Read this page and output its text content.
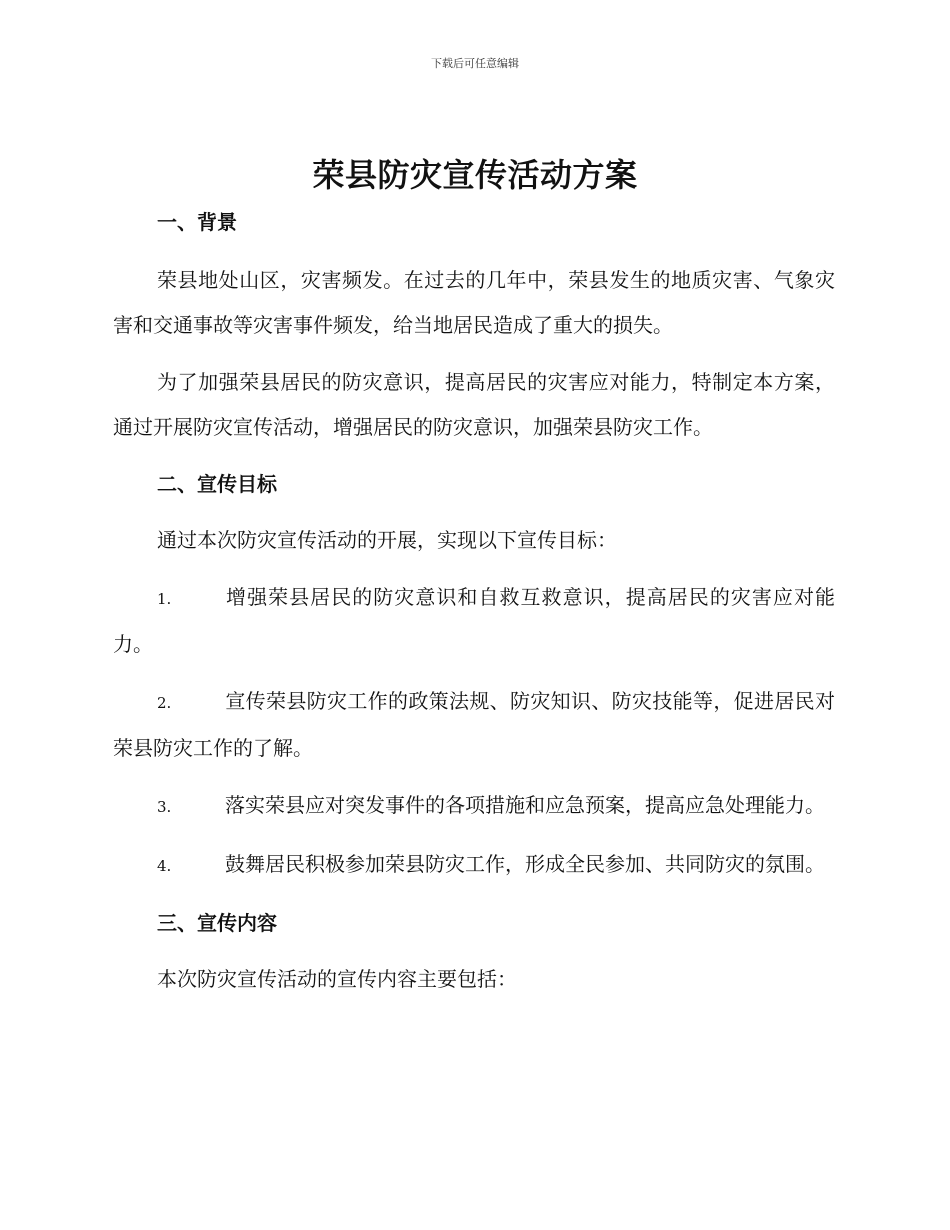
下载后可任意编辑
荣县防灾宣传活动方案

一、背景

荣县地处山区，灾害频发。在过去的几年中，荣县发生的地质灾害、气象灾害和交通事故等灾害事件频发，给当地居民造成了重大的损失。

为了加强荣县居民的防灾意识，提高居民的灾害应对能力，特制定本方案，通过开展防灾宣传活动，增强居民的防灾意识，加强荣县防灾工作。

二、宣传目标

通过本次防灾宣传活动的开展，实现以下宣传目标：

1.	增强荣县居民的防灾意识和自救互救意识，提高居民的灾害应对能力。

2.	宣传荣县防灾工作的政策法规、防灾知识、防灾技能等，促进居民对荣县防灾工作的了解。

3.	落实荣县应对突发事件的各项措施和应急预案，提高应急处理能力。

4.	鼓舞居民积极参加荣县防灾工作，形成全民参加、共同防灾的氛围。

三、宣传内容

本次防灾宣传活动的宣传内容主要包括：
